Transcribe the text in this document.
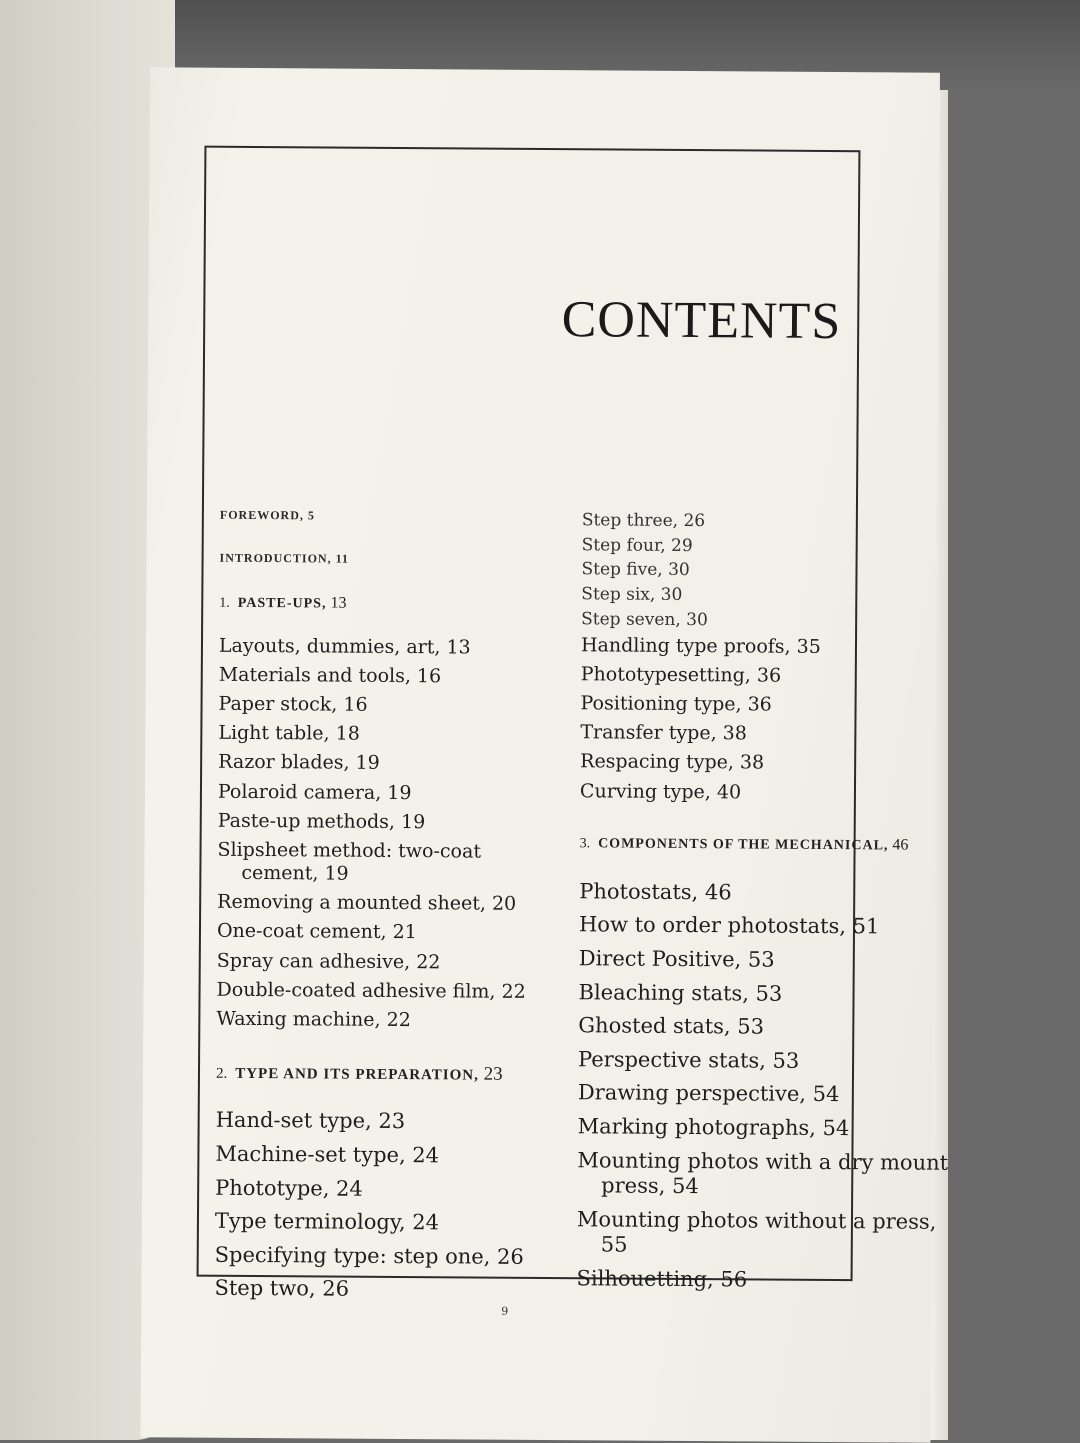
CONTENTS

FOREWORD, 5

INTRODUCTION, 11

1. PASTE-UPS, 13

Layouts, dummies, art, 13

Materials and tools, 16

Paper stock, 16

Light table, 18

Razor blades, 19

Polaroid camera, 19

Paste-up methods, 19

Slipsheet method: two-coat cement, 19

Removing a mounted sheet, 20

One-coat cement, 21

Spray can adhesive, 22

Double-coated adhesive film, 22

Waxing machine, 22

2. TYPE AND ITS PREPARATION, 23

Hand-set type, 23

Machine-set type, 24

Phototype, 24

Type terminology, 24

Specifying type: step one, 26

Step two, 26

Step three, 26

Step four, 29

Step five, 30

Step six, 30

Step seven, 30

Handling type proofs, 35

Phototypesetting, 36

Positioning type, 36

Transfer type, 38

Respacing type, 38

Curving type, 40

3. COMPONENTS OF THE MECHANICAL, 46

Photostats, 46

How to order photostats, 51

Direct Positive, 53

Bleaching stats, 53

Ghosted stats, 53

Perspective stats, 53

Drawing perspective, 54

Marking photographs, 54

Mounting photos with a dry mount press, 54

Mounting photos without a press, 55

Silhouetting, 56

9
